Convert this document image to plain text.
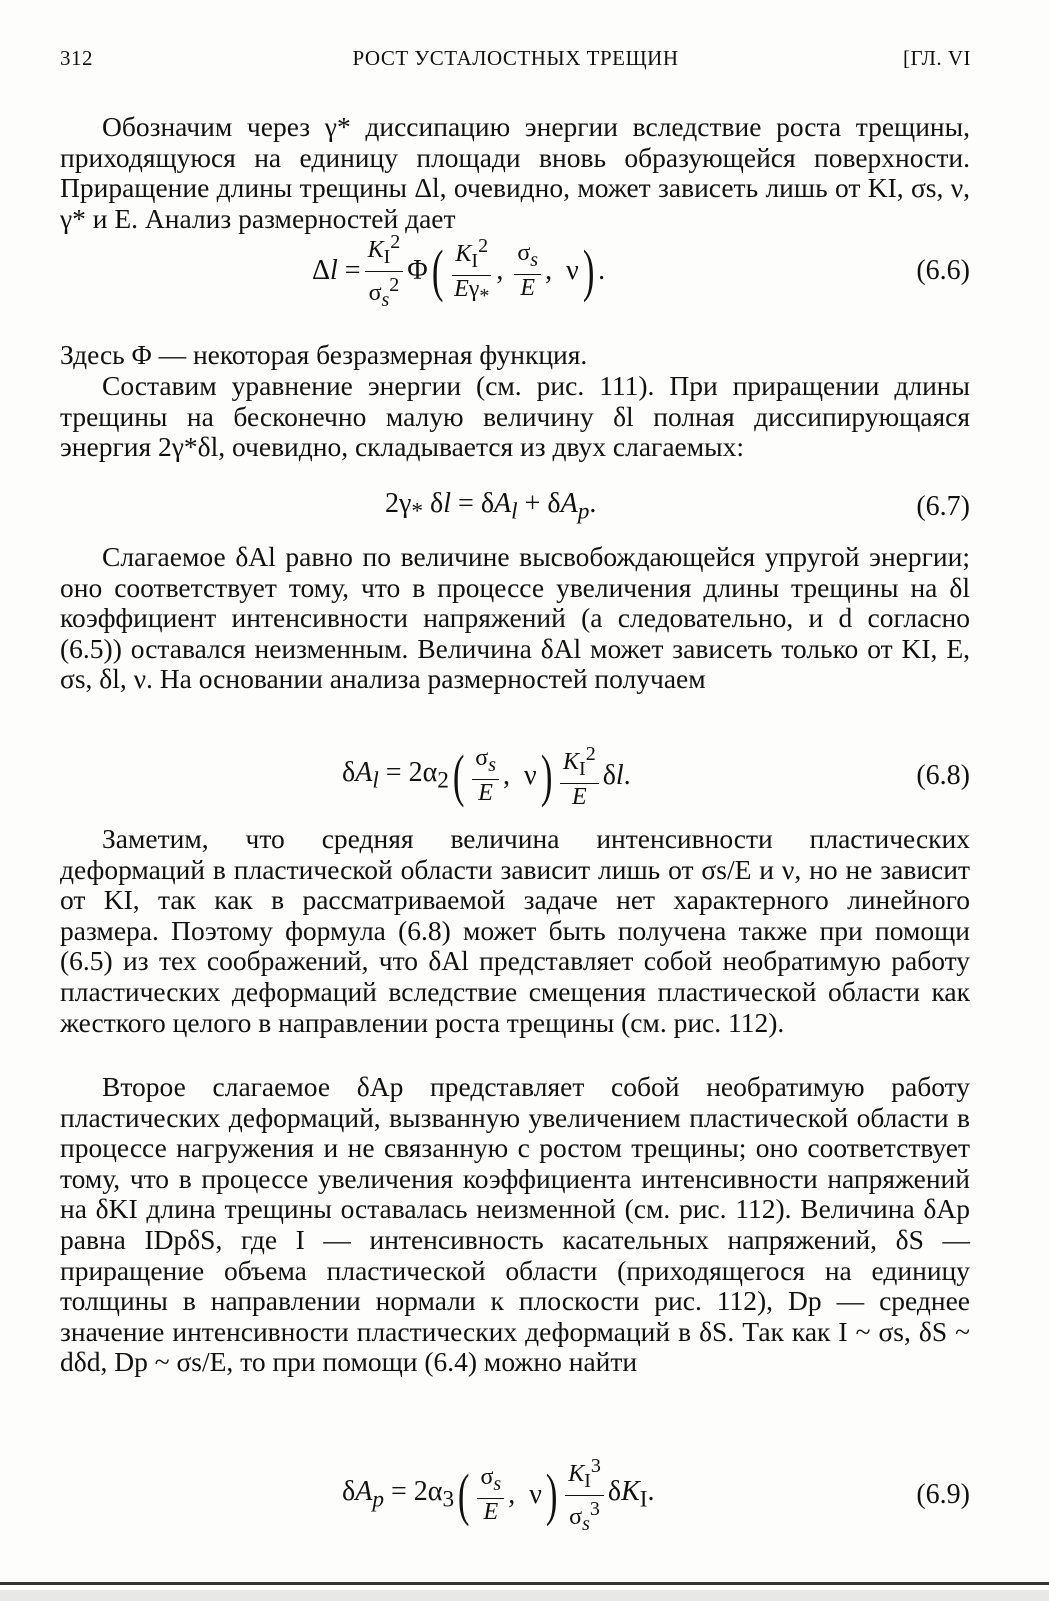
312	РОСТ УСТАЛОСТНЫХ ТРЕЩИН	[ГЛ. VI

Обозначим через γ* диссипацию энергии вследствие роста трещины, приходящуюся на единицу площади вновь образующейся поверхности. Приращение длины трещины Δl, очевидно, может зависеть лишь от KI, σs, ν, γ* и E. Анализ размерностей дает

$\Delta l = \frac{K_I^2}{\sigma_s^2}$ Φ ( $\frac{K_I^2}{E\gamma_*}$ , $\frac{\sigma_s}{E}$ ,  ν ) .	(6.6)

Здесь Φ — некоторая безразмерная функция.

Составим уравнение энергии (см. рис. 111). При приращении длины трещины на бесконечно малую величину δl полная диссипирующаяся энергия 2γ*δl, очевидно, складывается из двух слагаемых:

$2\gamma_*$ $\delta l = \delta A_l + \delta A_p$.	(6.7)

Слагаемое δAl равно по величине высвобождающейся упругой энергии; оно соответствует тому, что в процессе увеличения длины трещины на δl коэффициент интенсивности напряжений (а следовательно, и d согласно (6.5)) оставался неизменным. Величина δAl может зависеть только от KI, E, σs, δl, ν. На основании анализа размерностей получаем

$\delta A_l = 2\alpha_2$ ( $\frac{\sigma_s}{E}$ ,  ν ) $\frac{K_I^2}{E} \delta l$.	(6.8)

Заметим, что средняя величина интенсивности пластических деформаций в пластической области зависит лишь от σs/E и ν, но не зависит от KI, так как в рассматриваемой задаче нет характерного линейного размера. Поэтому формула (6.8) может быть получена также при помощи (6.5) из тех соображений, что δAl представляет собой необратимую работу пластических деформаций вследствие смещения пластической области как жесткого целого в направлении роста трещины (см. рис. 112).

Второе слагаемое δAp представляет собой необратимую работу пластических деформаций, вызванную увеличением пластической области в процессе нагружения и не связанную с ростом трещины; оно соответствует тому, что в процессе увеличения коэффициента интенсивности напряжений на δKI длина трещины оставалась неизменной (см. рис. 112). Величина δAp равна IDpδS, где I — интенсивность касательных напряжений, δS — приращение объема пластической области (приходящегося на единицу толщины в направлении нормали к плоскости рис. 112), Dp — среднее значение интенсивности пластических деформаций в δS. Так как I ~ σs, δS ~ dδd, Dp ~ σs/E, то при помощи (6.4) можно найти

$\delta A_p = 2\alpha_3$ ( $\frac{\sigma_s}{E}$ ,  ν ) $\frac{K_I^3}{\sigma_s^3} \delta K_I$.	(6.9)
